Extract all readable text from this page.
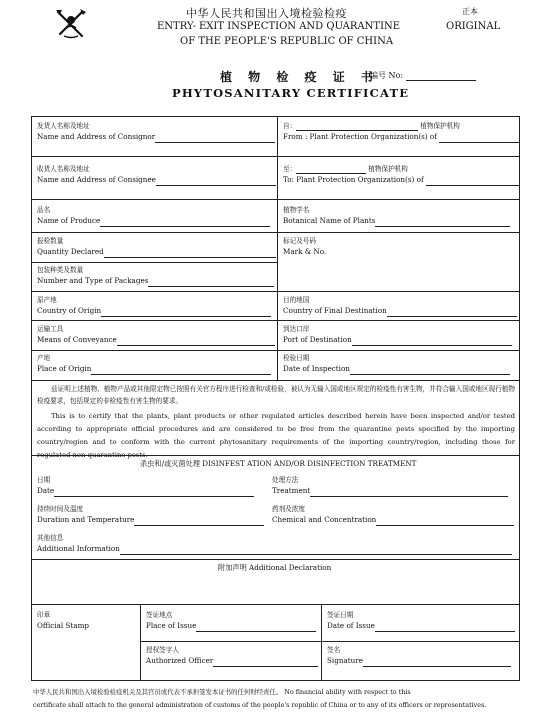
中华人民共和国出入境检验检疫
ENTRY- EXIT INSPECTION AND QUARANTINE
OF THE PEOPLE'S REPUBLIC OF CHINA
正本
ORIGINAL
植 物 检 疫 证 书
编号 No:
PHYTOSANITARY CERTIFICATE
发货人名称及地址
Name and Address of Consignor
自：	植物保护机构
From : Plant Protection Organization(s) of
收货人名称及地址
Name and Address of Consignee
至：	植物保护机构
To: Plant Protection Organization(s) of
品名
Name of Produce
植物学名
Botanical Name of Plants
报检数量
Quantity Declared
标记及号码
Mark & No.
包装种类及数量
Number and Type of Packages
原产地
Country of Origin
目的地国
Country of Final Destination
运输工具
Means of Conveyance
到达口岸
Port of Destination
产地
Place of Origin
检验日期
Date of Inspection
兹证明上述植物、植物产品或其他限定物已按照有关官方程序进行检查和/或检验，被认为无输入国或地区规定的检疫性有害生物，并符合输入国或地区现行植物检疫要求，包括规定的非检疫性有害生物的要求。
This is to certify that the plants, plant products or other regulated articles described herein have been inspected and/or tested according to appropriate official procedures and are considered to be free from the quarantine pests specified by the importing country/region and to conform with the current phytosanitary requirements of the importing country/region, including those for regulated non-quarantine pests.
杀虫和/或灭菌处理 DISINFEST ATION AND/OR DISINFECTION TREATMENT
日期
Date
处理方法
Treatment
持续时间及温度
Duration and Temperature
药剂及浓度
Chemical and Concentration
其他信息
Additional Information
附加声明 Additional Declaration
印章
Official Stamp
签证地点
Place of Issue
签证日期
Date of Issue
授权签字人
Authorized Officer
签名
Signature
中华人民共和国出入境检验检疫机关及其官员或代表不承担签发本证书的任何财经责任。 No financial ability with respect to this
certificate shall attach to the general administration of customs of the people's republic of China or to any of its officers or representatives.
